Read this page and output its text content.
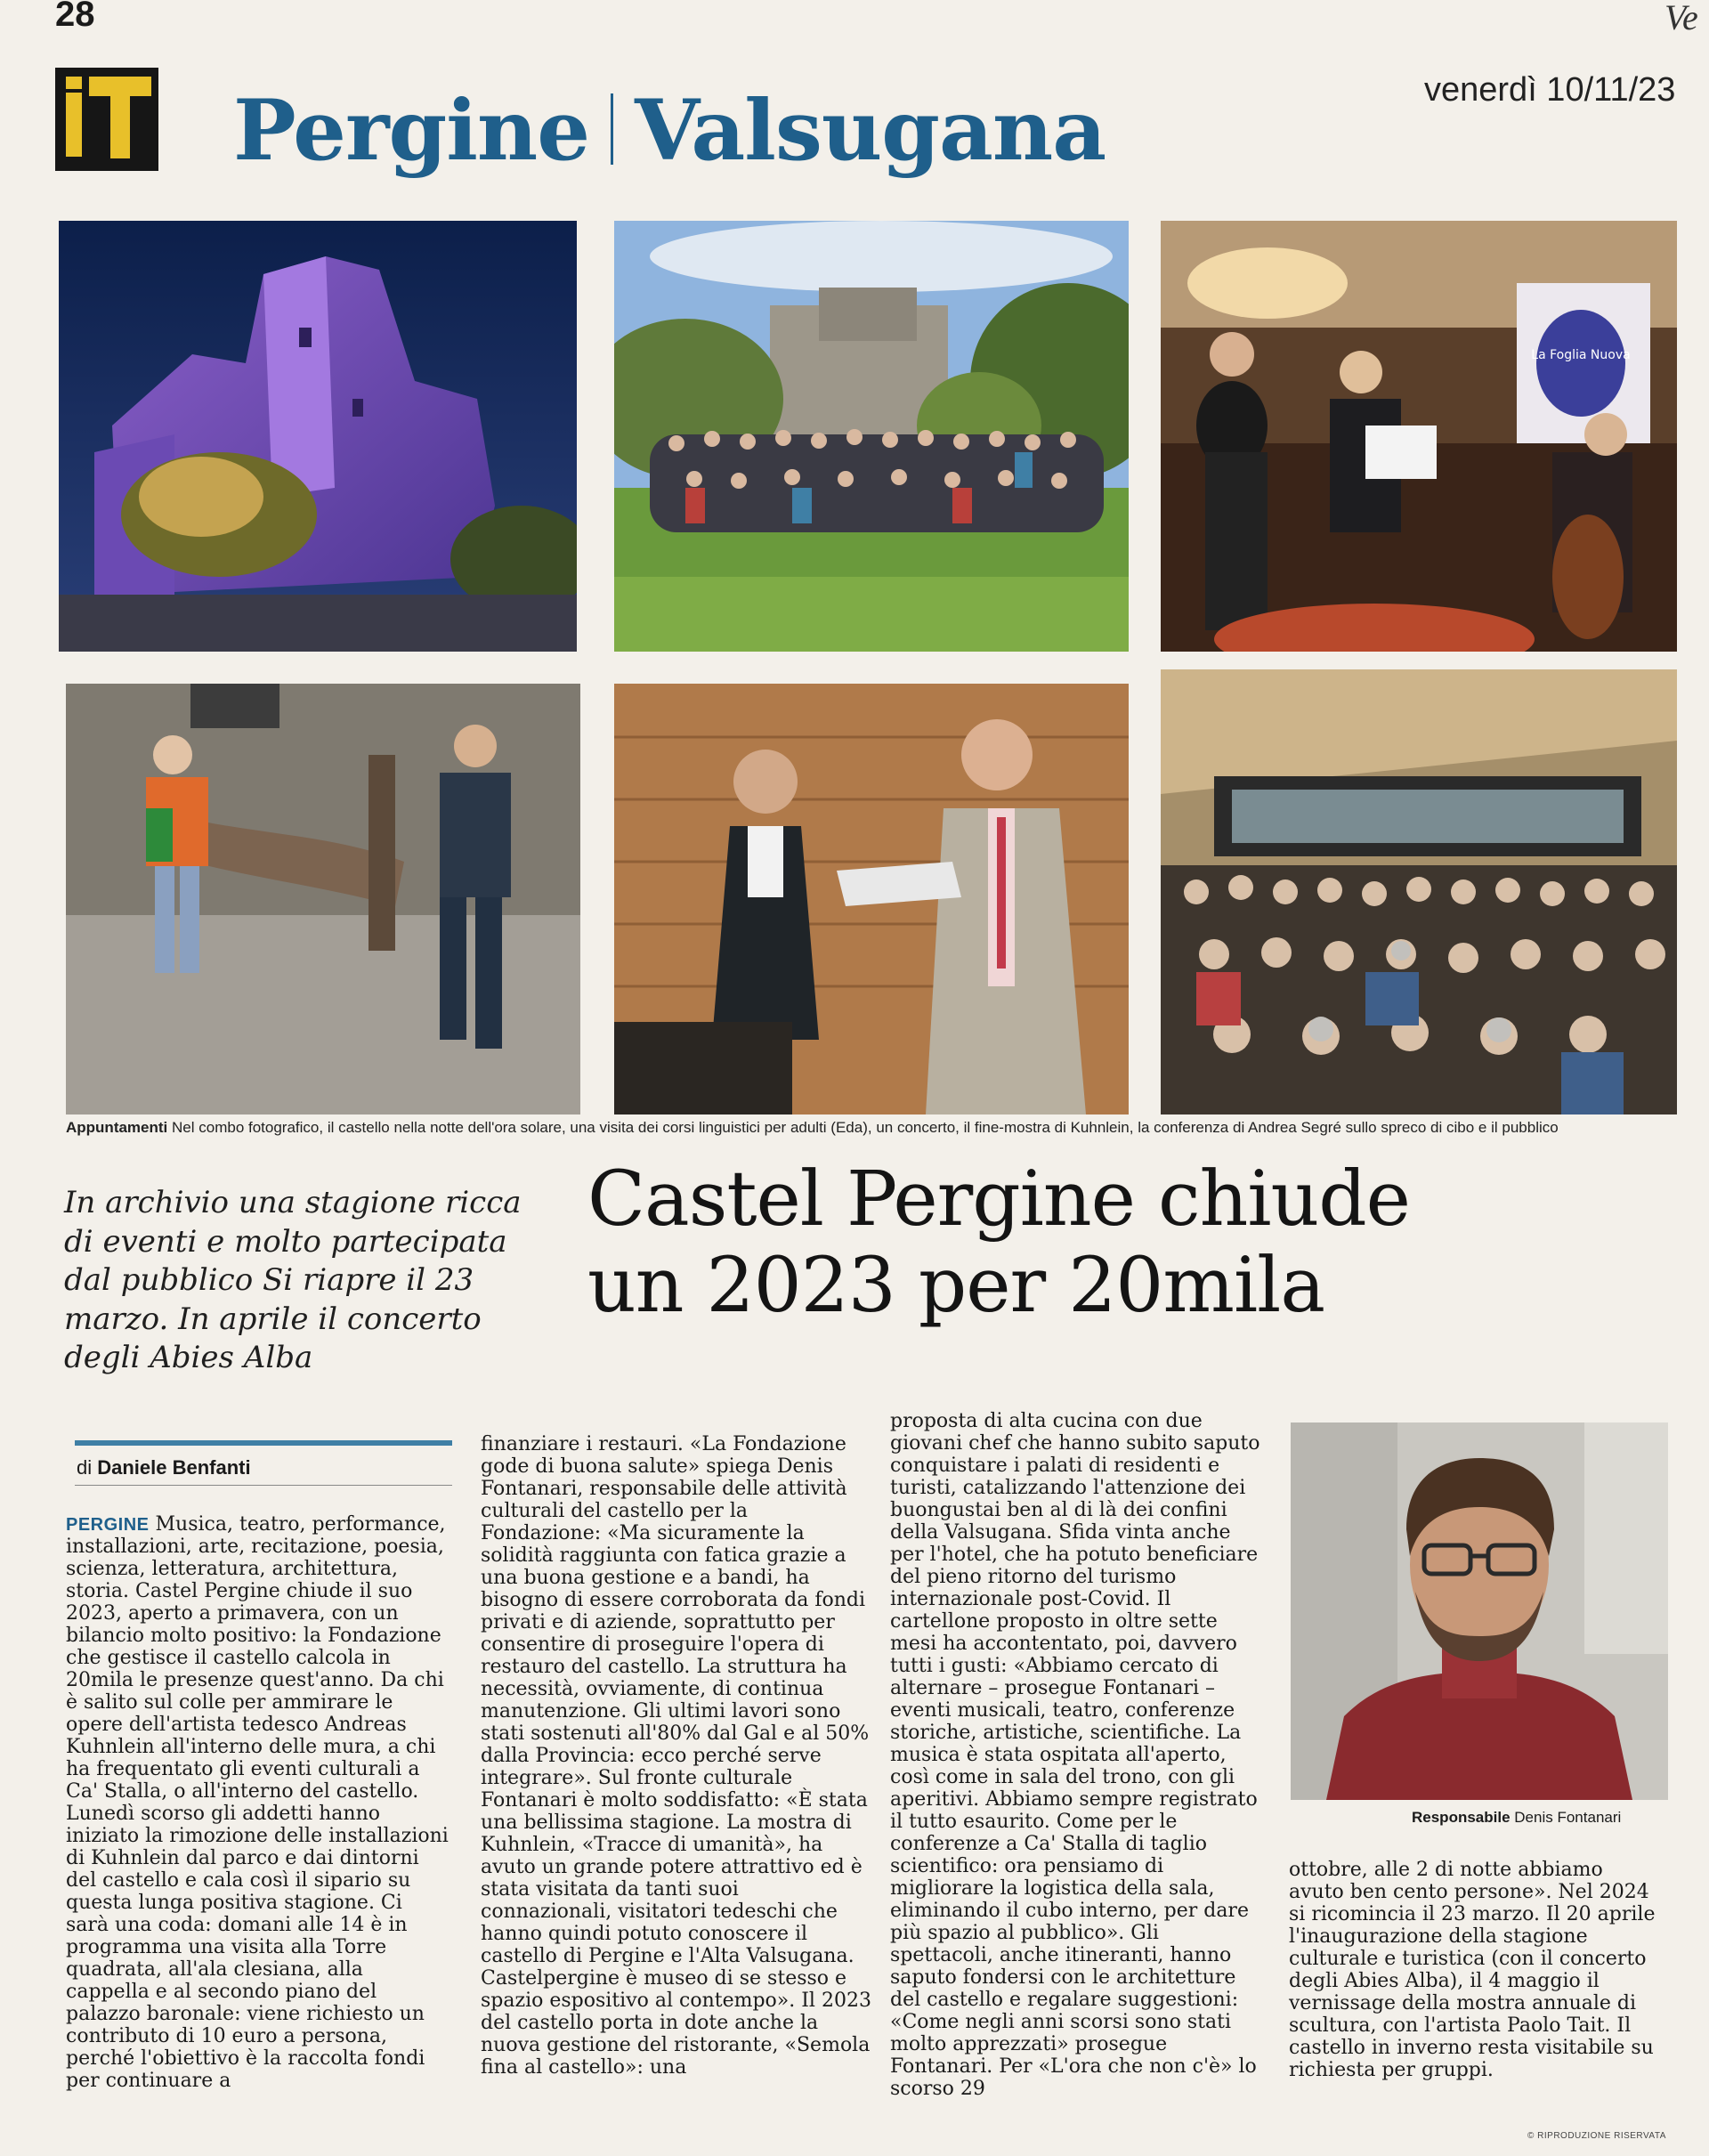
28	Ve
Pergine Valsugana	venerdì 10/11/23
La Foglia Nuova
Appuntamenti Nel combo fotografico, il castello nella notte dell'ora solare, una visita dei corsi linguistici per adulti (Eda), un concerto, il fine-mostra di Kuhnlein, la conferenza di Andrea Segré sullo spreco di cibo e il pubblico
In archivio una stagione ricca di eventi e molto partecipata dal pubblico Si riapre il 23 marzo. In aprile il concerto degli Abies Alba
Castel Pergine chiude
un 2023 per 20mila
di Daniele Benfanti
PERGINE Musica, teatro, performance, installazioni, arte, recitazione, poesia, scienza, letteratura, architettura, storia. Castel Pergine chiude il suo 2023, aperto a primavera, con un bilancio molto positivo: la Fondazione che gestisce il castello calcola in 20mila le presenze quest'anno. Da chi è salito sul colle per ammirare le opere dell'artista tedesco Andreas Kuhnlein all'interno delle mura, a chi ha frequentato gli eventi culturali a Ca' Stalla, o all'interno del castello. Lunedì scorso gli addetti hanno iniziato la rimozione delle installazioni di Kuhnlein dal parco e dai dintorni del castello e cala così il sipario su questa lunga positiva stagione. Ci sarà una coda: domani alle 14 è in programma una visita alla Torre quadrata, all'ala clesiana, alla cappella e al secondo piano del palazzo baronale: viene richiesto un contributo di 10 euro a persona, perché l'obiettivo è la raccolta fondi per continuare a
finanziare i restauri. «La Fondazione gode di buona salute» spiega Denis Fontanari, responsabile delle attività culturali del castello per la Fondazione: «Ma sicuramente la solidità raggiunta con fatica grazie a una buona gestione e a bandi, ha bisogno di essere corroborata da fondi privati e di aziende, soprattutto per consentire di proseguire l'opera di restauro del castello. La struttura ha necessità, ovviamente, di continua manutenzione. Gli ultimi lavori sono stati sostenuti all'80% dal Gal e al 50% dalla Provincia: ecco perché serve integrare». Sul fronte culturale Fontanari è molto soddisfatto: «È stata una bellissima stagione. La mostra di Kuhnlein, «Tracce di umanità», ha avuto un grande potere attrattivo ed è stata visitata da tanti suoi connazionali, visitatori tedeschi che hanno quindi potuto conoscere il castello di Pergine e l'Alta Valsugana. Castelpergine è museo di se stesso e spazio espositivo al contempo». Il 2023 del castello porta in dote anche la nuova gestione del ristorante, «Semola fina al castello»: una
proposta di alta cucina con due giovani chef che hanno subito saputo conquistare i palati di residenti e turisti, catalizzando l'attenzione dei buongustai ben al di là dei confini della Valsugana. Sfida vinta anche per l'hotel, che ha potuto beneficiare del pieno ritorno del turismo internazionale post-Covid. Il cartellone proposto in oltre sette mesi ha accontentato, poi, davvero tutti i gusti: «Abbiamo cercato di alternare – prosegue Fontanari – eventi musicali, teatro, conferenze storiche, artistiche, scientifiche. La musica è stata ospitata all'aperto, così come in sala del trono, con gli aperitivi. Abbiamo sempre registrato il tutto esaurito. Come per le conferenze a Ca' Stalla di taglio scientifico: ora pensiamo di migliorare la logistica della sala, eliminando il cubo interno, per dare più spazio al pubblico». Gli spettacoli, anche itineranti, hanno saputo fondersi con le architetture del castello e regalare suggestioni: «Come negli anni scorsi sono stati molto apprezzati» prosegue Fontanari. Per «L'ora che non c'è» lo scorso 29
ottobre, alle 2 di notte abbiamo avuto ben cento persone». Nel 2024 si ricomincia il 23 marzo. Il 20 aprile l'inaugurazione della stagione culturale e turistica (con il concerto degli Abies Alba), il 4 maggio il vernissage della mostra annuale di scultura, con l'artista Paolo Tait. Il castello in inverno resta visitabile su richiesta per gruppi.
Responsabile Denis Fontanari
© RIPRODUZIONE RISERVATA
